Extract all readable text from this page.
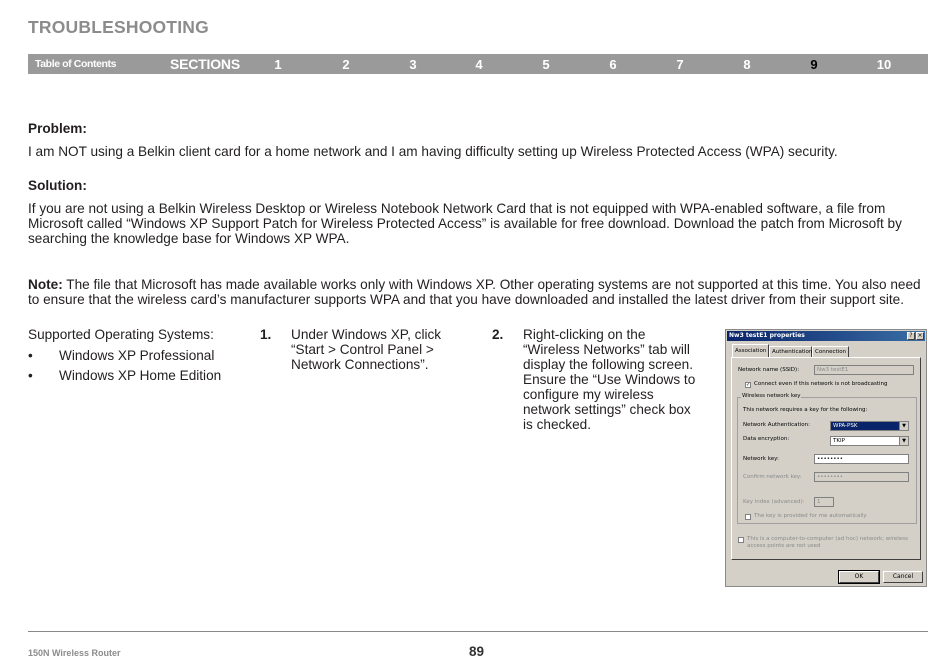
TROUBLESHOOTING
Table of Contents	SECTIONS	1	2	3	4	5	6	7	8	9	10
Problem:
I am NOT using a Belkin client card for a home network and I am having difficulty setting up Wireless Protected Access (WPA) security.
Solution:
If you are not using a Belkin Wireless Desktop or Wireless Notebook Network Card that is not equipped with WPA-enabled software, a file from Microsoft called “Windows XP Support Patch for Wireless Protected Access” is available for free download. Download the patch from Microsoft by searching the knowledge base for Windows XP WPA.
Note: The file that Microsoft has made available works only with Windows XP. Other operating systems are not supported at this time. You also need to ensure that the wireless card’s manufacturer supports WPA and that you have downloaded and installed the latest driver from their support site.
Supported Operating Systems:
• Windows XP Professional
• Windows XP Home Edition
1. Under Windows XP, click “Start > Control Panel > Network Connections”.
2. Right-clicking on the “Wireless Networks” tab will display the following screen. Ensure the “Use Windows to configure my wireless network settings” check box is checked.
Nw3 testE1 properties	? ×
Association	Authentication Connection
Network name (SSID):	Nw3 testE1
✓ Connect even if this network is not broadcasting
Wireless network key
This network requires a key for the following:
Network Authentication:	WPA-PSK	▼
Data encryption:	TKIP	▼
Network key:	••••••••
Confirm network key:	••••••••
Key index (advanced):	1
The key is provided for me automatically
This is a computer-to-computer (ad hoc) network; wireless
access points are not used
OK	Cancel
150N Wireless Router	89
